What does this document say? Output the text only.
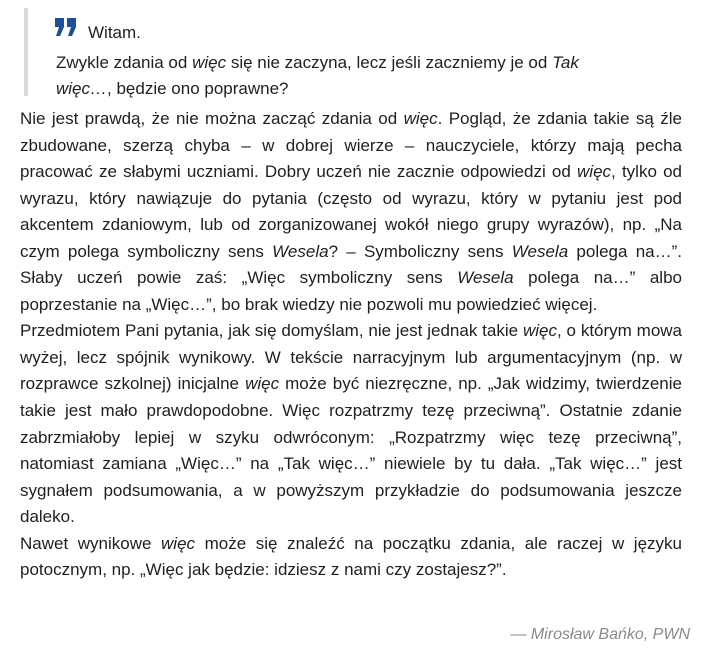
Witam.
Zwykle zdania od więc się nie zaczyna, lecz jeśli zaczniemy je od Tak
więc…, będzie ono poprawne?

Nie jest prawdą, że nie można zacząć zdania od więc. Pogląd, że zdania takie są źle zbudowane, szerzą chyba – w dobrej wierze – nauczyciele, którzy mają pecha pracować ze słabymi uczniami. Dobry uczeń nie zacznie odpowiedzi od więc, tylko od wyrazu, który nawiązuje do pytania (często od wyrazu, który w pytaniu jest pod akcentem zdaniowym, lub od zorganizowanej wokół niego grupy wyrazów), np. „Na czym polega symboliczny sens Wesela? – Symboliczny sens Wesela polega na…”. Słaby uczeń powie zaś: „Więc symboliczny sens Wesela polega na…” albo poprzestanie na „Więc…”, bo brak wiedzy nie pozwoli mu powiedzieć więcej.

Przedmiotem Pani pytania, jak się domyślam, nie jest jednak takie więc, o którym mowa wyżej, lecz spójnik wynikowy. W tekście narracyjnym lub argumentacyjnym (np. w rozprawce szkolnej) inicjalne więc może być niezręczne, np. „Jak widzimy, twierdzenie takie jest mało prawdopodobne. Więc rozpatrzmy tezę przeciwną”. Ostatnie zdanie zabrzmiałoby lepiej w szyku odwróconym: „Rozpatrzmy więc tezę przeciwną”, natomiast zamiana „Więc…” na „Tak więc…” niewiele by tu dała. „Tak więc…” jest sygnałem podsumowania, a w powyższym przykładzie do podsumowania jeszcze daleko.

Nawet wynikowe więc może się znaleźć na początku zdania, ale raczej w języku potocznym, np. „Więc jak będzie: idziesz z nami czy zostajesz?”.

— Mirosław Bańko, PWN
